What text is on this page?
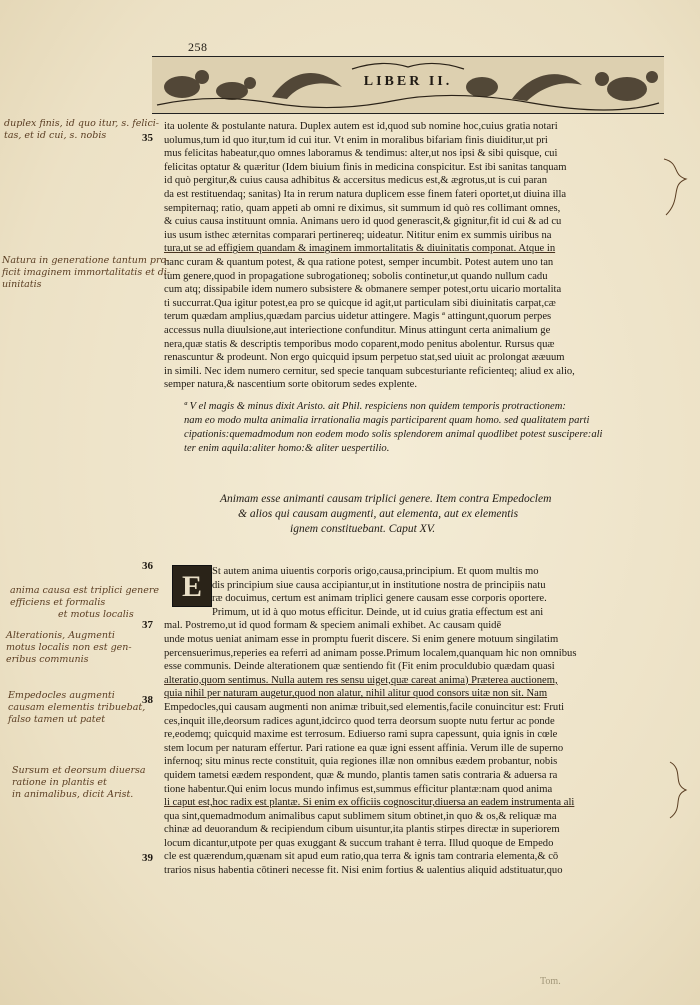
258
LIBER II.
35
ita uolente & postulante natura. Duplex autem est id,quod sub nomine hoc,cuius gratia notari
uolumus,tum id quo itur,tum id cui itur. Vt enim in moralibus bifariam finis diuiditur,ut pri
mus felicitas habeatur,quo omnes laboramus & tendimus: alter,ut nos ipsi & sibi quisque, cui
felicitas optatur & quæritur (Idem biuium finis in medicina conspicitur. Est ibi sanitas tanquam
id quò pergitur,& cuius causa adhibitus & accersitus medicus est,& ægrotus,ut is cui paran
da est restituendaq; sanitas) Ita in rerum natura duplicem esse finem fateri oportet,ut diuina illa
sempiternaq; ratio, quam appeti ab omni re diximus, sit summum id quò res collimant omnes,
& cuius causa instituunt omnia. Animans uero id quod generascit,& gignitur,fit id cui & ad cu
ius usum isthec æternitas comparari pertinereq; uideatur. Nititur enim ex summis uiribus na
tura,ut se ad effigiem quandam & imaginem immortalitatis & diuinitatis componat. Atque in
hanc curam & quantum potest, & qua ratione potest, semper incumbit. Potest autem uno tan
tum genere,quod in propagatione subrogationeq; sobolis continetur,ut quando nullum cadu
cum atq; dissipabile idem numero subsistere & obmanere semper potest,ortu uicario mortalita
ti succurrat.Qua igitur potest,ea pro se quicque id agit,ut particulam sibi diuinitatis carpat,cæ
terum quædam amplius,quædam parcius uidetur attingere. Magis ª attingunt,quorum perpes
accessus nulla diuulsione,aut interiectione confunditur. Minus attingunt certa animalium ge
nera,quæ statis & descriptis temporibus modo coparent,modo penitus abolentur. Rursus quæ
renascuntur & prodeunt. Non ergo quicquid ipsum perpetuo stat,sed uiuit ac prolongat ææuum
in simili. Nec idem numero cernitur, sed specie tanquam subcesturiante reficienteq; aliud ex alio,
semper natura,& nascentium sorte obitorum sedes explente.
ª V el magis & minus dixit Aristo. ait Phil. respiciens non quidem temporis protractionem:
nam eo modo multa animalia irrationalia magis participarent quam homo. sed qualitatem parti
cipationis:quemadmodum non eodem modo solis splendorem animal quodlibet potest suscipere:ali
ter enim aquila:aliter homo:& aliter uespertilio.
Animam esse animanti causam triplici genere. Item contra Empedoclem
& alios qui causam augmenti, aut elementa, aut ex elementis
ignem constituebant. Caput XV.
36
37
38
39
E St autem anima uiuentis corporis origo,causa,principium. Et quom multis mo
dis principium siue causa accipiantur,ut in institutione nostra de principiis natu
ræ docuimus, certum est animam triplici genere causam esse corporis oportere.
Primum, ut id à quo motus efficitur. Deinde, ut id cuius gratia effectum est ani
mal. Postremo,ut id quod formam & speciem animali exhibet. Ac causam quidē
unde motus ueniat animam esse in promptu fuerit discere. Si enim genere motuum singilatim
percensuerimus,reperies ea referri ad animam posse.Primum localem,quanquam hic non omnibus
esse communis. Deinde alterationem quæ sentiendo fit (Fit enim proculdubio quædam quasi
alteratio,quom sentimus. Nulla autem res sensu uiget,quæ careat anima) Præterea auctionem,
quia nihil per naturam augetur,quod non alatur, nihil alitur quod consors uitæ non sit. Nam
Empedocles,qui causam augmenti non animæ tribuit,sed elementis,facile conuincitur est: Fruti
ces,inquit ille,deorsum radices agunt,idcirco quod terra deorsum suopte nutu fertur ac ponde
re,eodemq; quicquid maxime est terrosum. Ediuerso rami supra capessunt, quia ignis in cœle
stem locum per naturam effertur. Pari ratione ea quæ igni essent affinia. Verum ille de superno
infernoq; situ minus recte constituit, quia regiones illæ non omnibus eædem probantur, nobis
quidem tametsi eædem respondent, quæ & mundo, plantis tamen satis contraria & aduersa ra
tione habentur.Qui enim locus mundo infimus est,summus efficitur plantæ:nam quod anima
li caput est,hoc radix est plantæ. Si enim ex officiis cognoscitur,diuersa an eadem instrumenta ali
qua sint,quemadmodum animalibus caput sublimem situm obtinet,in quo & os,& reliquæ ma
chinæ ad deuorandum & recipiendum cibum uisuntur,ita plantis stirpes directæ in superiorem
locum dicantur,utpote per quas exuggant & succum trahant è terra. Illud quoque de Empedo
cle est quærendum,quænam sit apud eum ratio,qua terra & ignis tam contraria elementa,& cō
trarios nisus habentia cōtineri necesse fit. Nisi enim fortius & ualentius aliquid adstituatur,quo
duplex finis, id quo itur, s. felici-
tas, et id cui, s. nobis
Natura in generatione tantum pro-
ficit imaginem immortalitatis et di-
uinitatis
anima causa est triplici genere
efficiens et formalis
et motus localis
Alterationis, Augmenti
motus localis non est gen-
eribus communis
Empedocles augmenti
causam elementis tribuebat,
falso tamen ut patet
Sursum et deorsum diuersa
ratione in plantis et
in animalibus, dicit Arist.
Tom.
